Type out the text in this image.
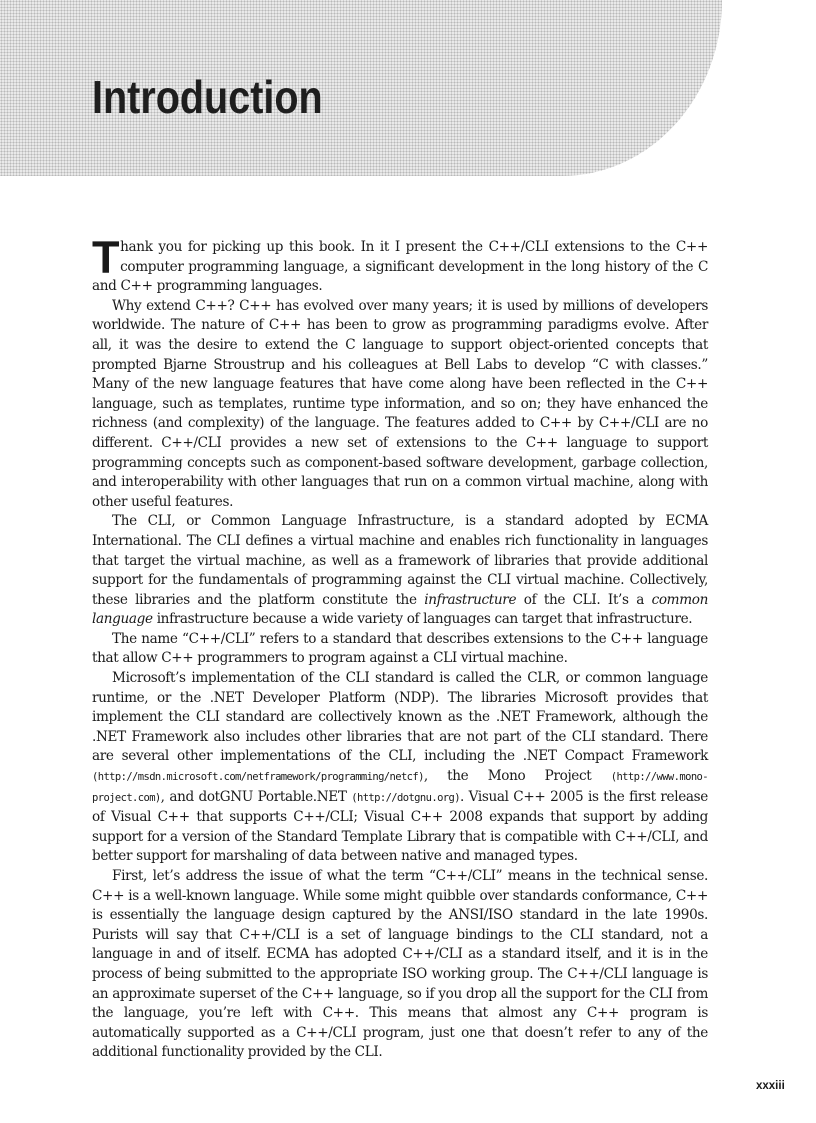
Introduction

Thank you for picking up this book. In it I present the C++/CLI extensions to the C++ computer programming language, a significant development in the long history of the C and C++ programming languages.

Why extend C++? C++ has evolved over many years; it is used by millions of developers worldwide. The nature of C++ has been to grow as programming paradigms evolve. After all, it was the desire to extend the C language to support object-oriented concepts that prompted Bjarne Stroustrup and his colleagues at Bell Labs to develop “C with classes.” Many of the new language features that have come along have been reflected in the C++ language, such as templates, runtime type information, and so on; they have enhanced the richness (and complexity) of the language. The features added to C++ by C++/CLI are no different. C++/CLI provides a new set of extensions to the C++ language to support programming concepts such as component-based software development, garbage collection, and interoperability with other languages that run on a common virtual machine, along with other useful features.

The CLI, or Common Language Infrastructure, is a standard adopted by ECMA International. The CLI defines a virtual machine and enables rich functionality in languages that target the virtual machine, as well as a framework of libraries that provide additional support for the fundamentals of programming against the CLI virtual machine. Collectively, these libraries and the platform constitute the infrastructure of the CLI. It’s a common language infrastructure because a wide variety of languages can target that infrastructure.

The name “C++/CLI” refers to a standard that describes extensions to the C++ language that allow C++ programmers to program against a CLI virtual machine.

Microsoft’s implementation of the CLI standard is called the CLR, or common language runtime, or the .NET Developer Platform (NDP). The libraries Microsoft provides that implement the CLI standard are collectively known as the .NET Framework, although the .NET Framework also includes other libraries that are not part of the CLI standard. There are several other implementations of the CLI, including the .NET Compact Framework (http://msdn.microsoft.com/netframework/programming/netcf), the Mono Project (http://www.mono-project.com), and dotGNU Portable.NET (http://dotgnu.org). Visual C++ 2005 is the first release of Visual C++ that supports C++/CLI; Visual C++ 2008 expands that support by adding support for a version of the Standard Template Library that is compatible with C++/CLI, and better support for marshaling of data between native and managed types.

First, let’s address the issue of what the term “C++/CLI” means in the technical sense. C++ is a well-known language. While some might quibble over standards conformance, C++ is essentially the language design captured by the ANSI/ISO standard in the late 1990s. Purists will say that C++/CLI is a set of language bindings to the CLI standard, not a language in and of itself. ECMA has adopted C++/CLI as a standard itself, and it is in the process of being submitted to the appropriate ISO working group. The C++/CLI language is an approximate superset of the C++ language, so if you drop all the support for the CLI from the language, you’re left with C++. This means that almost any C++ program is automatically supported as a C++/CLI program, just one that doesn’t refer to any of the additional functionality provided by the CLI.

xxxiii
